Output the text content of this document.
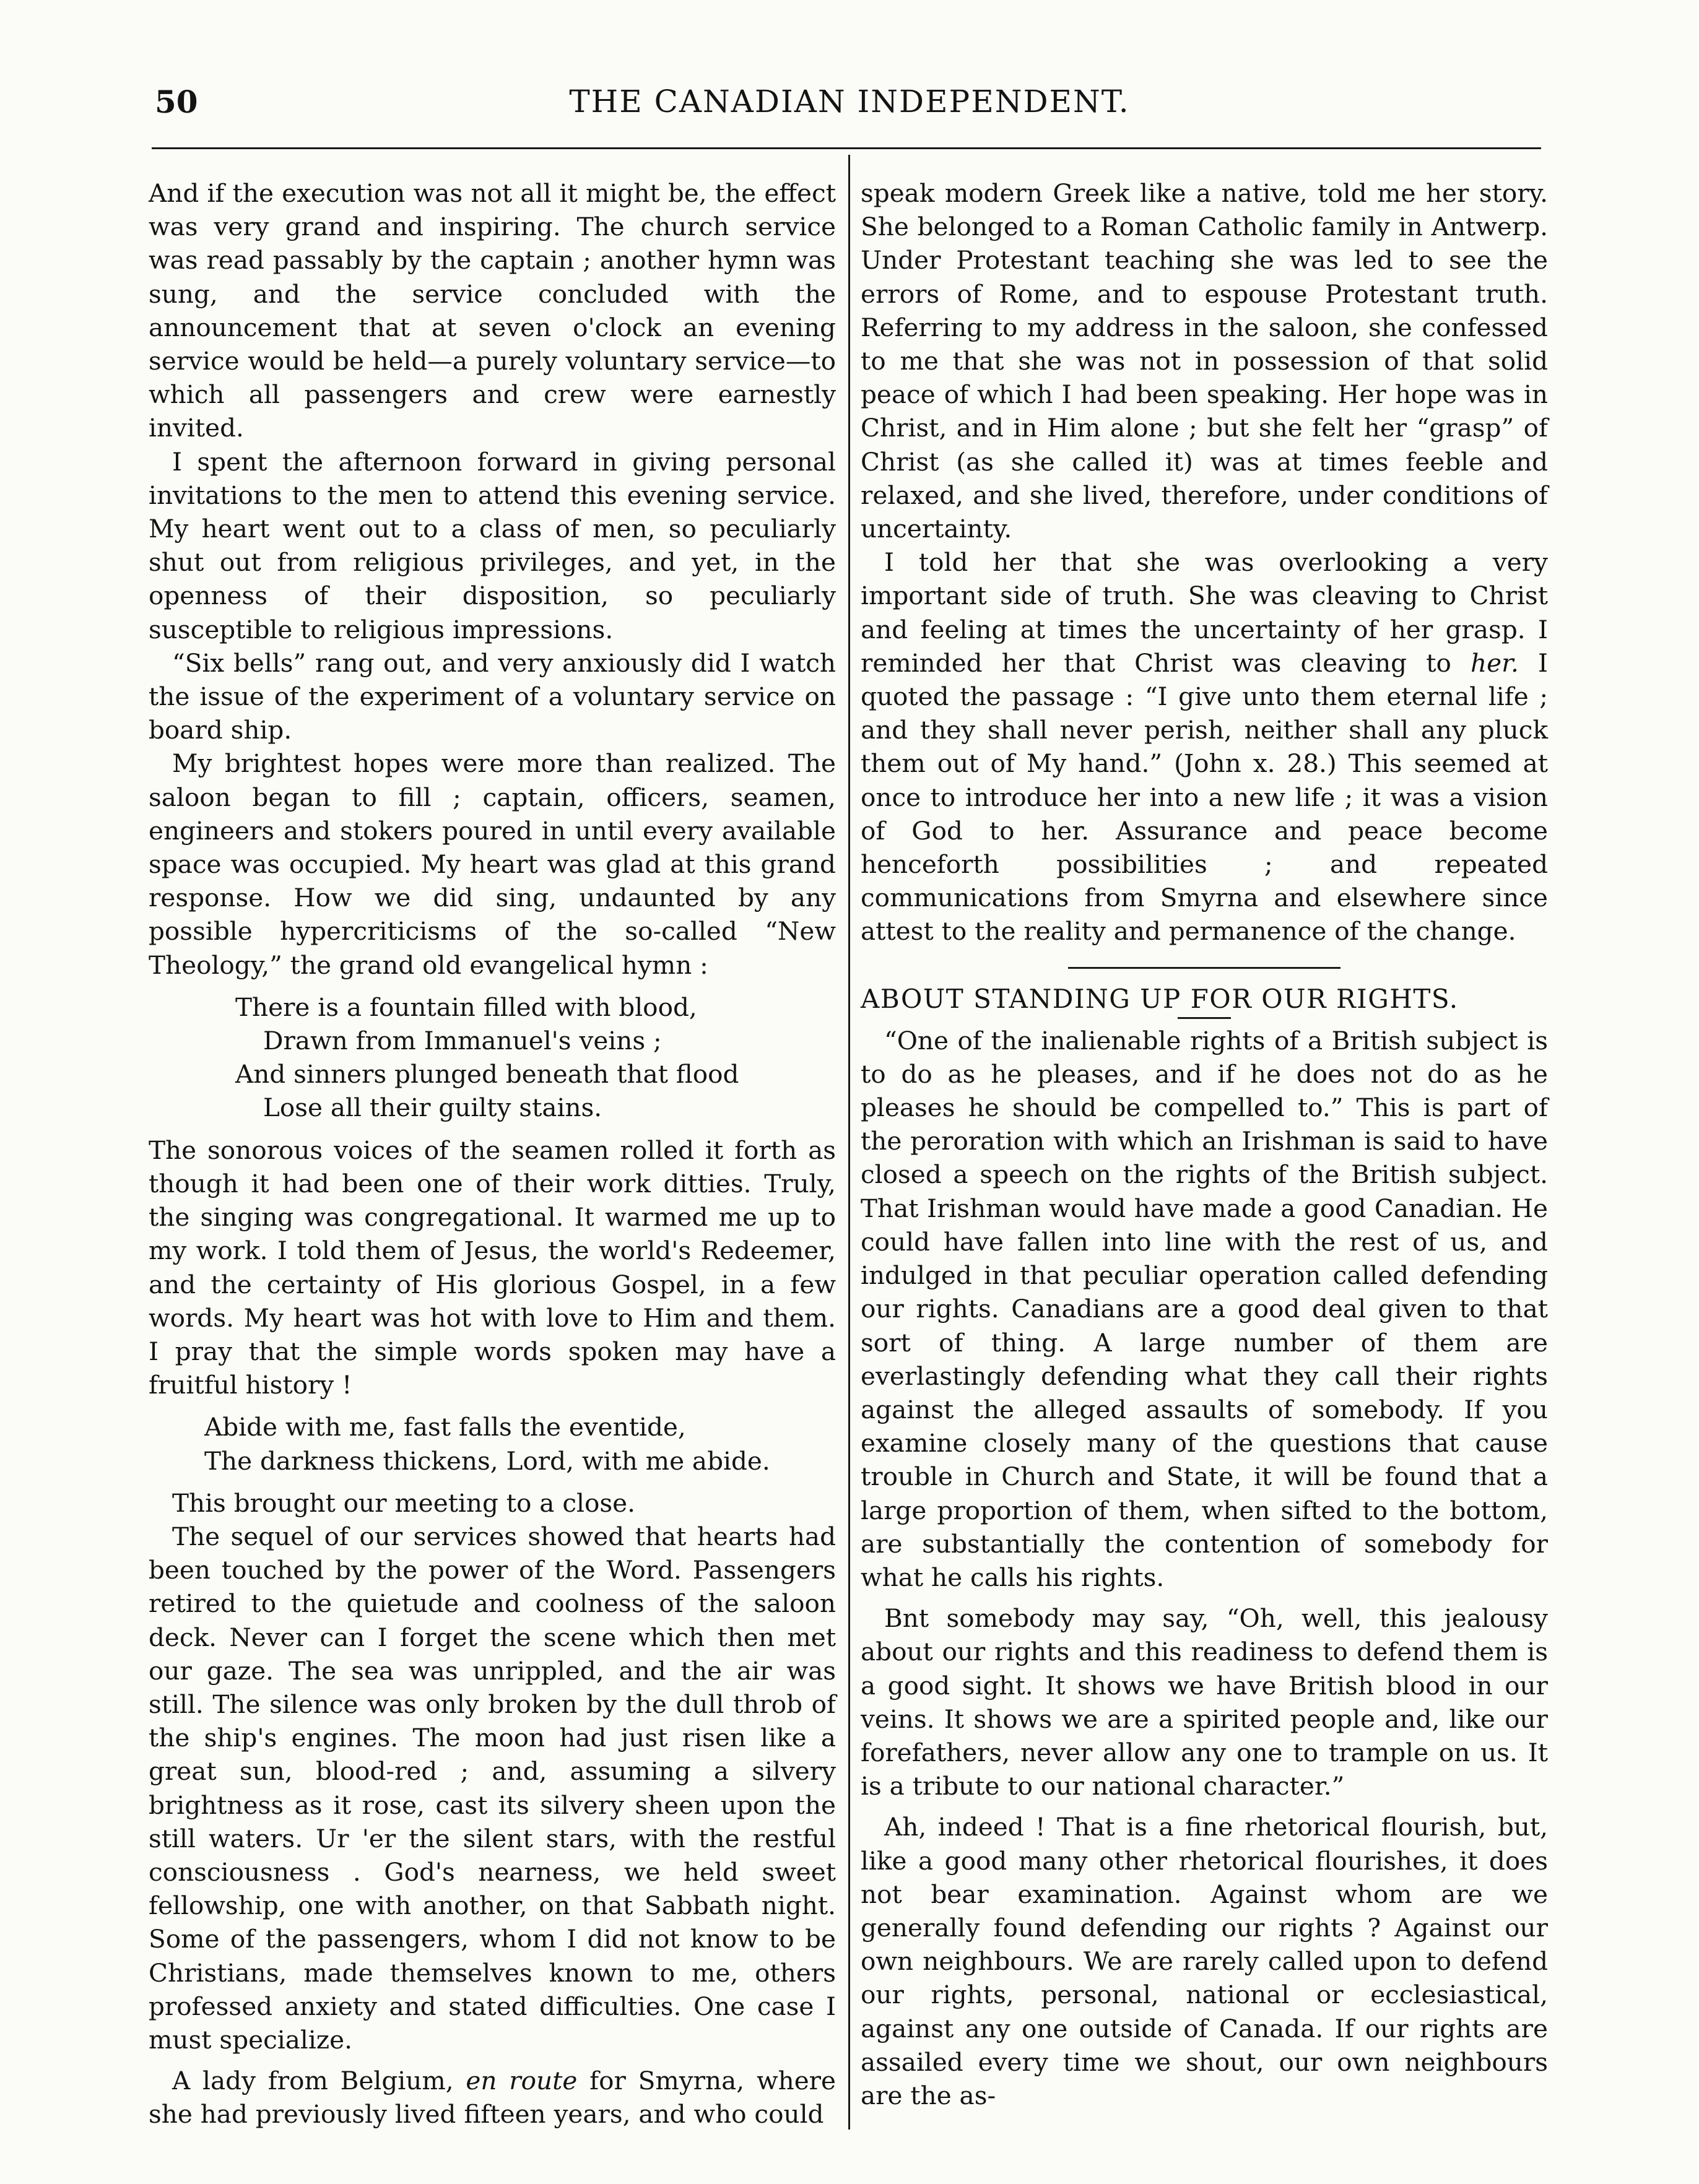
50	THE CANADIAN INDEPENDENT.

And if the execution was not all it might be, the effect was very grand and inspiring. The church service was read passably by the captain ; another hymn was sung, and the service concluded with the announcement that at seven o'clock an evening service would be held—a purely voluntary service—to which all passengers and crew were earnestly invited.

I spent the afternoon forward in giving personal invitations to the men to attend this evening service. My heart went out to a class of men, so peculiarly shut out from religious privileges, and yet, in the openness of their disposition, so peculiarly susceptible to religious impressions.

“Six bells” rang out, and very anxiously did I watch the issue of the experiment of a voluntary service on board ship.

My brightest hopes were more than realized. The saloon began to fill ; captain, officers, seamen, engineers and stokers poured in until every available space was occupied. My heart was glad at this grand response. How we did sing, undaunted by any possible hypercriticisms of the so-called “New Theology,” the grand old evangelical hymn :

There is a fountain filled with blood,
Drawn from Immanuel's veins ;
And sinners plunged beneath that flood
Lose all their guilty stains.

The sonorous voices of the seamen rolled it forth as though it had been one of their work ditties. Truly, the singing was congregational. It warmed me up to my work. I told them of Jesus, the world's Redeemer, and the certainty of His glorious Gospel, in a few words. My heart was hot with love to Him and them. I pray that the simple words spoken may have a fruitful history !

Abide with me, fast falls the eventide,
The darkness thickens, Lord, with me abide.

This brought our meeting to a close.

The sequel of our services showed that hearts had been touched by the power of the Word. Passengers retired to the quietude and coolness of the saloon deck. Never can I forget the scene which then met our gaze. The sea was unrippled, and the air was still. The silence was only broken by the dull throb of the ship's engines. The moon had just risen like a great sun, blood-red ; and, assuming a silvery brightness as it rose, cast its silvery sheen upon the still waters. Ur 'er the silent stars, with the restful consciousness . God's nearness, we held sweet fellowship, one with another, on that Sabbath night. Some of the passengers, whom I did not know to be Christians, made themselves known to me, others professed anxiety and stated difficulties. One case I must specialize.

A lady from Belgium, en route for Smyrna, where she had previously lived fifteen years, and who could

speak modern Greek like a native, told me her story. She belonged to a Roman Catholic family in Antwerp. Under Protestant teaching she was led to see the errors of Rome, and to espouse Protestant truth. Referring to my address in the saloon, she confessed to me that she was not in possession of that solid peace of which I had been speaking. Her hope was in Christ, and in Him alone ; but she felt her “grasp” of Christ (as she called it) was at times feeble and relaxed, and she lived, therefore, under conditions of uncertainty.

I told her that she was overlooking a very important side of truth. She was cleaving to Christ and feeling at times the uncertainty of her grasp. I reminded her that Christ was cleaving to her. I quoted the passage : “I give unto them eternal life ; and they shall never perish, neither shall any pluck them out of My hand.” (John x. 28.) This seemed at once to introduce her into a new life ; it was a vision of God to her. Assurance and peace become henceforth possibilities ; and repeated communications from Smyrna and elsewhere since attest to the reality and permanence of the change.

ABOUT STANDING UP FOR OUR RIGHTS.

“One of the inalienable rights of a British subject is to do as he pleases, and if he does not do as he pleases he should be compelled to.” This is part of the peroration with which an Irishman is said to have closed a speech on the rights of the British subject. That Irishman would have made a good Canadian. He could have fallen into line with the rest of us, and indulged in that peculiar operation called defending our rights. Canadians are a good deal given to that sort of thing. A large number of them are everlastingly defending what they call their rights against the alleged assaults of somebody. If you examine closely many of the questions that cause trouble in Church and State, it will be found that a large proportion of them, when sifted to the bottom, are substantially the contention of somebody for what he calls his rights.

Bnt somebody may say, “Oh, well, this jealousy about our rights and this readiness to defend them is a good sight. It shows we have British blood in our veins. It shows we are a spirited people and, like our forefathers, never allow any one to trample on us. It is a tribute to our national character.”

Ah, indeed ! That is a fine rhetorical flourish, but, like a good many other rhetorical flourishes, it does not bear examination. Against whom are we generally found defending our rights ? Against our own neighbours. We are rarely called upon to defend our rights, personal, national or ecclesiastical, against any one outside of Canada. If our rights are assailed every time we shout, our own neighbours are the as-
